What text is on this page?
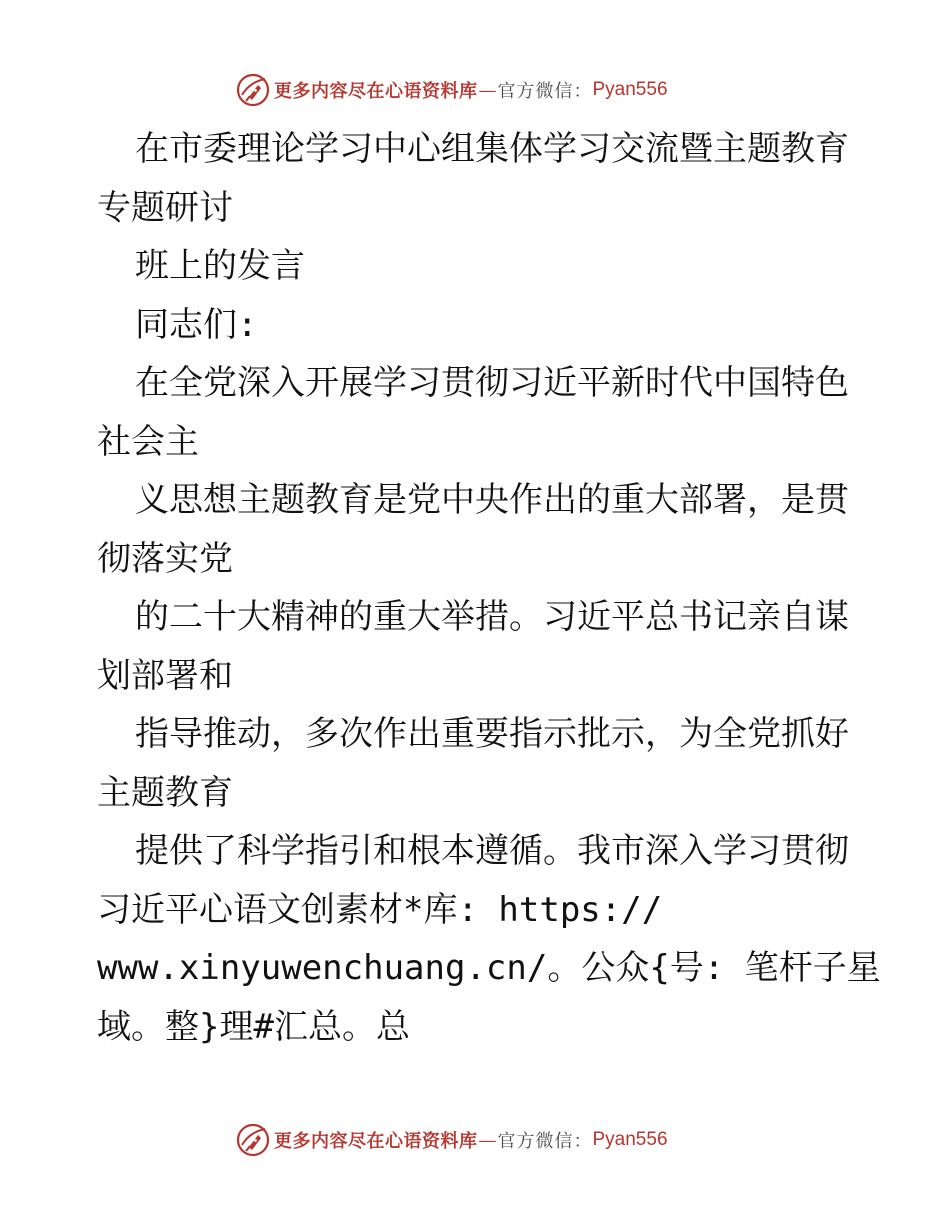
更多内容尽在心语资料库 — 官方微信： Pyan556
在市委理论学习中心组集体学习交流暨主题教育
专题研讨
班上的发言
同志们:
在全党深入开展学习贯彻习近平新时代中国特色
社会主
义思想主题教育是党中央作出的重大部署，是贯
彻落实党
的二十大精神的重大举措。习近平总书记亲自谋
划部署和
指导推动，多次作出重要指示批示，为全党抓好
主题教育
提供了科学指引和根本遵循。我市深入学习贯彻
习近平心语文创素材*库: https://
www.xinyuwenchuang.cn/。公众{号: 笔杆子星
域。整}理#汇总。总
更多内容尽在心语资料库 — 官方微信： Pyan556
